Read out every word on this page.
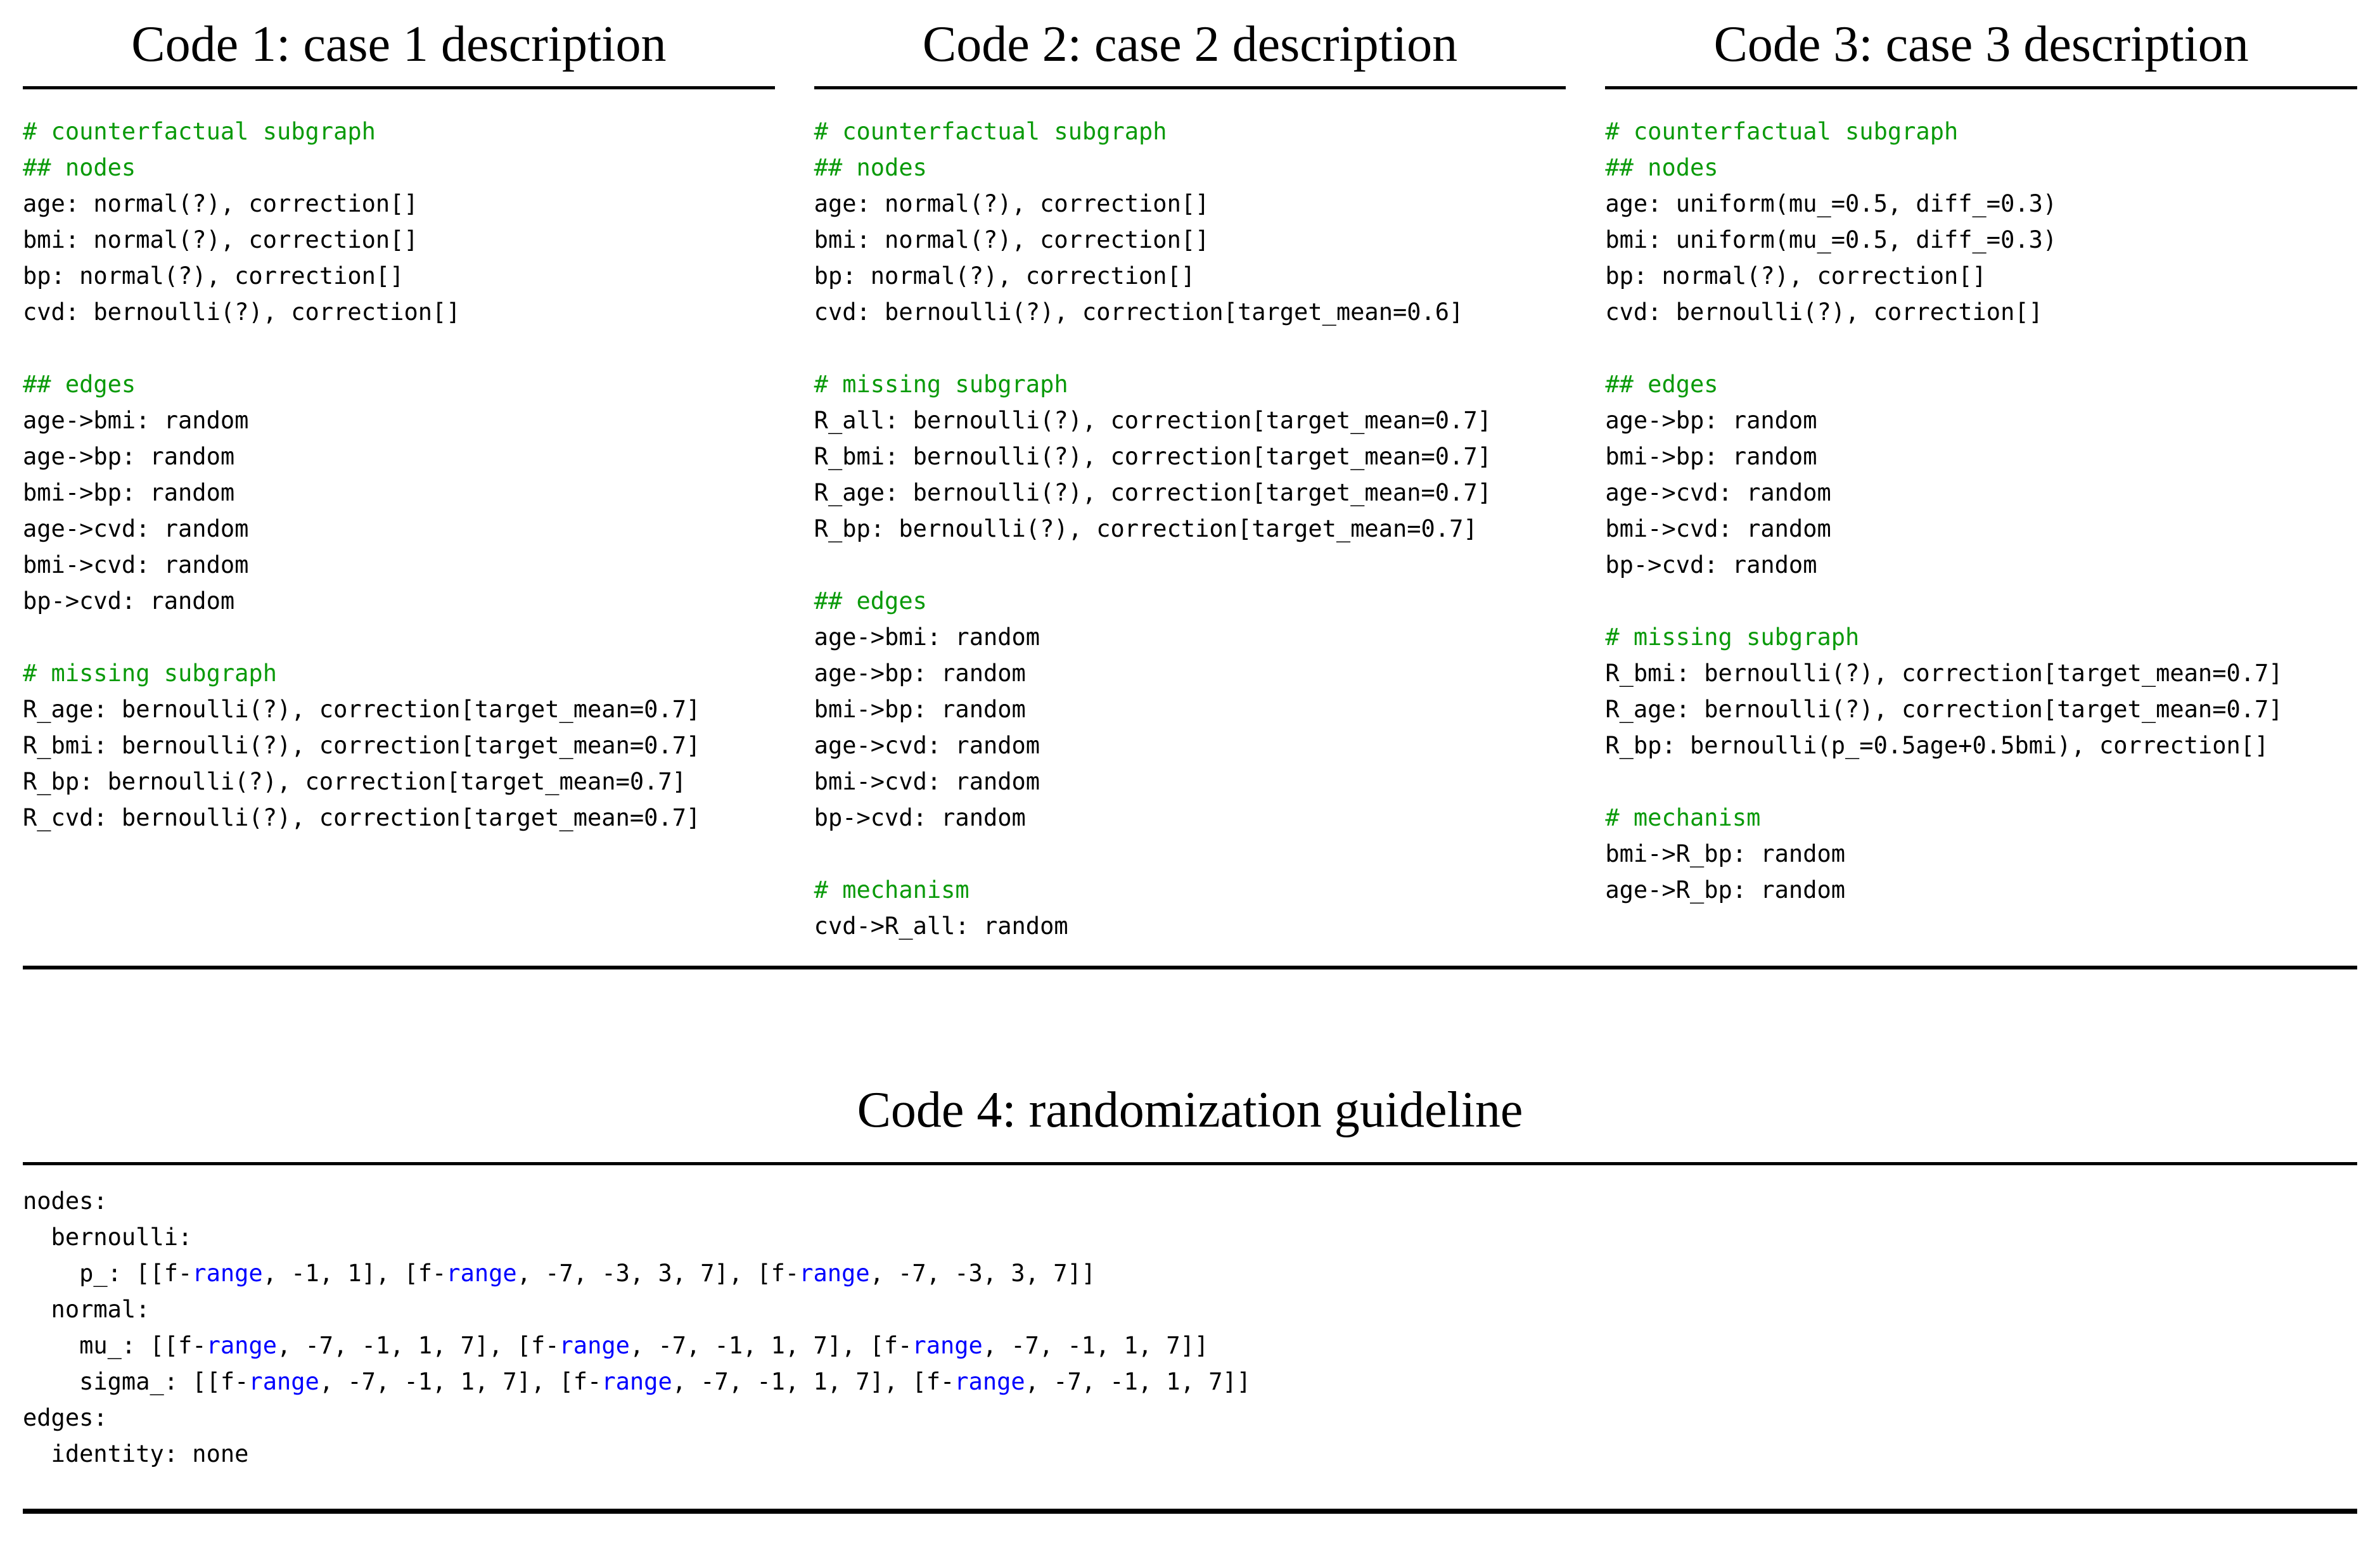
Code 1: case 1 description
# counterfactual subgraph
## nodes
age: normal(?), correction[]
bmi: normal(?), correction[]
bp: normal(?), correction[]
cvd: bernoulli(?), correction[]

## edges
age->bmi: random
age->bp: random
bmi->bp: random
age->cvd: random
bmi->cvd: random
bp->cvd: random

# missing subgraph
R_age: bernoulli(?), correction[target_mean=0.7]
R_bmi: bernoulli(?), correction[target_mean=0.7]
R_bp: bernoulli(?), correction[target_mean=0.7]
R_cvd: bernoulli(?), correction[target_mean=0.7]
Code 2: case 2 description
# counterfactual subgraph
## nodes
age: normal(?), correction[]
bmi: normal(?), correction[]
bp: normal(?), correction[]
cvd: bernoulli(?), correction[target_mean=0.6]

# missing subgraph
R_all: bernoulli(?), correction[target_mean=0.7]
R_bmi: bernoulli(?), correction[target_mean=0.7]
R_age: bernoulli(?), correction[target_mean=0.7]
R_bp: bernoulli(?), correction[target_mean=0.7]

## edges
age->bmi: random
age->bp: random
bmi->bp: random
age->cvd: random
bmi->cvd: random
bp->cvd: random

# mechanism
cvd->R_all: random
Code 3: case 3 description
# counterfactual subgraph
## nodes
age: uniform(mu_=0.5, diff_=0.3)
bmi: uniform(mu_=0.5, diff_=0.3)
bp: normal(?), correction[]
cvd: bernoulli(?), correction[]

## edges
age->bp: random
bmi->bp: random
age->cvd: random
bmi->cvd: random
bp->cvd: random

# missing subgraph
R_bmi: bernoulli(?), correction[target_mean=0.7]
R_age: bernoulli(?), correction[target_mean=0.7]
R_bp: bernoulli(p_=0.5age+0.5bmi), correction[]

# mechanism
bmi->R_bp: random
age->R_bp: random
Code 4: randomization guideline
nodes:
bernoulli:
p_: [[f-range, -1, 1], [f-range, -7, -3, 3, 7], [f-range, -7, -3, 3, 7]]
normal:
mu_: [[f-range, -7, -1, 1, 7], [f-range, -7, -1, 1, 7], [f-range, -7, -1, 1, 7]]
sigma_: [[f-range, -7, -1, 1, 7], [f-range, -7, -1, 1, 7], [f-range, -7, -1, 1, 7]]
edges:
identity: none
